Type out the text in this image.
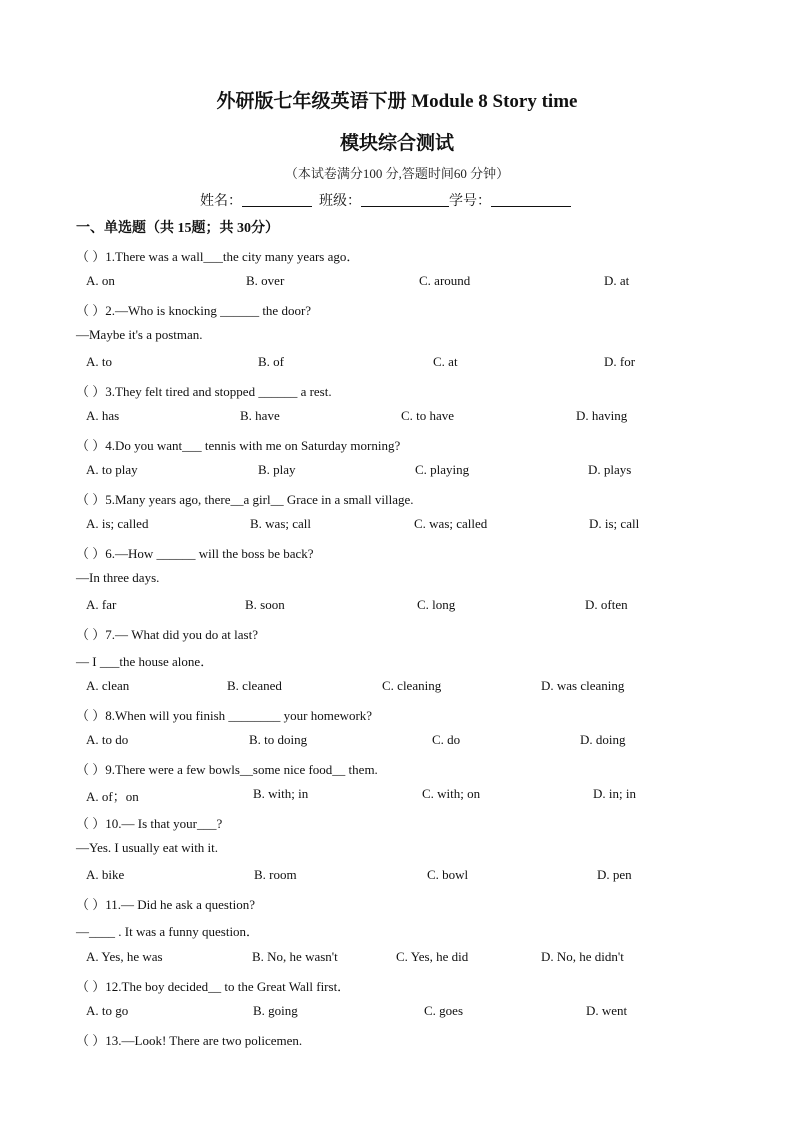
外研版七年级英语下册 Module 8 Story time
模块综合测试
（本试卷满分100 分,答题时间60 分钟）
姓名：	班级：	学号：
一、单选题（共 15题；共 30分）
（ ）1.There was a wall___the city many years ago．
A. on	B. over	C. around	D. at
（ ）2.—Who is knocking ______ the door?
—Maybe it's a postman.
A. to	B. of	C. at	D. for
（ ）3.They felt tired and stopped ______ a rest.
A. has	B. have	C. to have	D. having
（ ）4.Do you want___ tennis with me on Saturday morning?
A. to play	B. play	C. playing	D. plays
（ ）5.Many years ago, there__a girl__ Grace in a small village.
A. is; called	B. was; call	C. was; called	D. is; call
（ ）6.—How ______ will the boss be back?
—In three days.
A. far	B. soon	C. long	D. often
（ ）7.— What did you do at last?
— I ___the house alone．
A. clean	B. cleaned	C. cleaning	D. was cleaning
（ ）8.When will you finish ________ your homework?
A. to do	B. to doing	C. do	D. doing
（ ）9.There were a few bowls__some nice food__ them.
A. of；on	B. with; in	C. with; on	D. in; in
（ ）10.— Is that your___?
—Yes. I usually eat with it.
A. bike	B. room	C. bowl	D. pen
（ ）11.— Did he ask a question?
—____ . It was a funny question．
A. Yes, he was	B. No, he wasn't	C. Yes, he did	D. No, he didn't
（ ）12.The boy decided__ to the Great Wall first．
A. to go	B. going	C. goes	D. went
（ ）13.—Look! There are two policemen.
